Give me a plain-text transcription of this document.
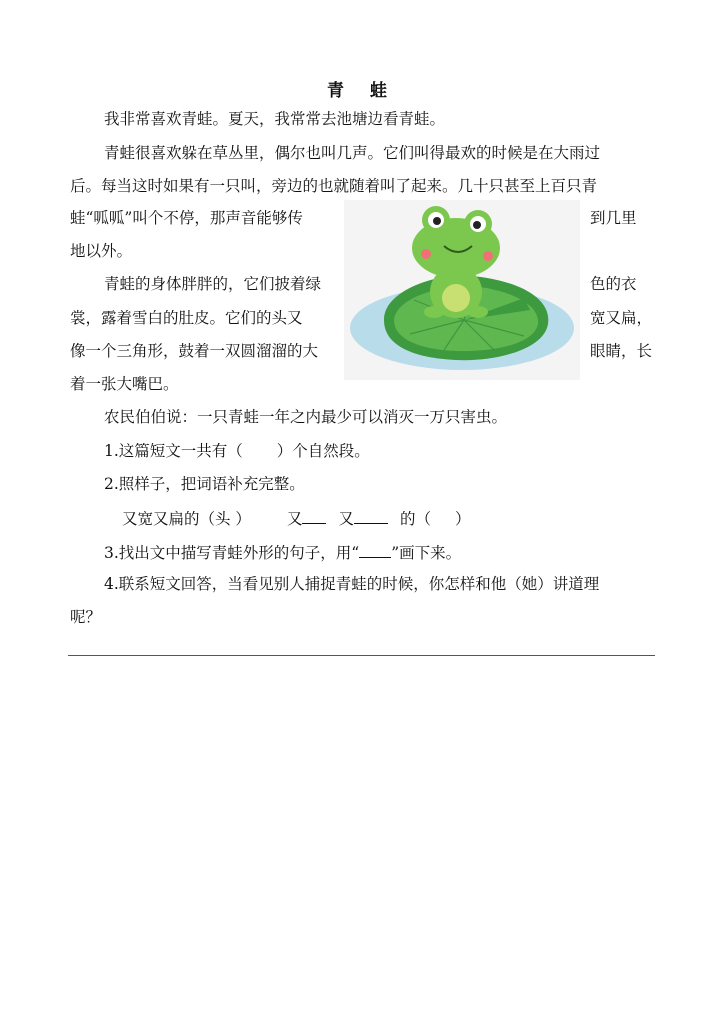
青 蛙
我非常喜欢青蛙。夏天，我常常去池塘边看青蛙。
青蛙很喜欢躲在草丛里，偶尔也叫几声。它们叫得最欢的时候是在大雨过
后。每当这时如果有一只叫，旁边的也就随着叫了起来。几十只甚至上百只青
蛙“呱呱”叫个不停，那声音能够传	到几里
地以外。
青蛙的身体胖胖的，它们披着绿	色的衣
裳，露着雪白的肚皮。它们的头又	宽又扁，
像一个三角形，鼓着一双圆溜溜的大	眼睛，长
着一张大嘴巴。
农民伯伯说：一只青蛙一年之内最少可以消灭一万只害虫。
1.这篇短文一共有（ ）个自然段。
2.照样子，把词语补充完整。
又宽又扁的（头 ） 又 又	的（ ）
3.找出文中描写青蛙外形的句子，用“ ”画下来。
4.联系短文回答，当看见别人捕捉青蛙的时候，你怎样和他（她）讲道理
呢？
